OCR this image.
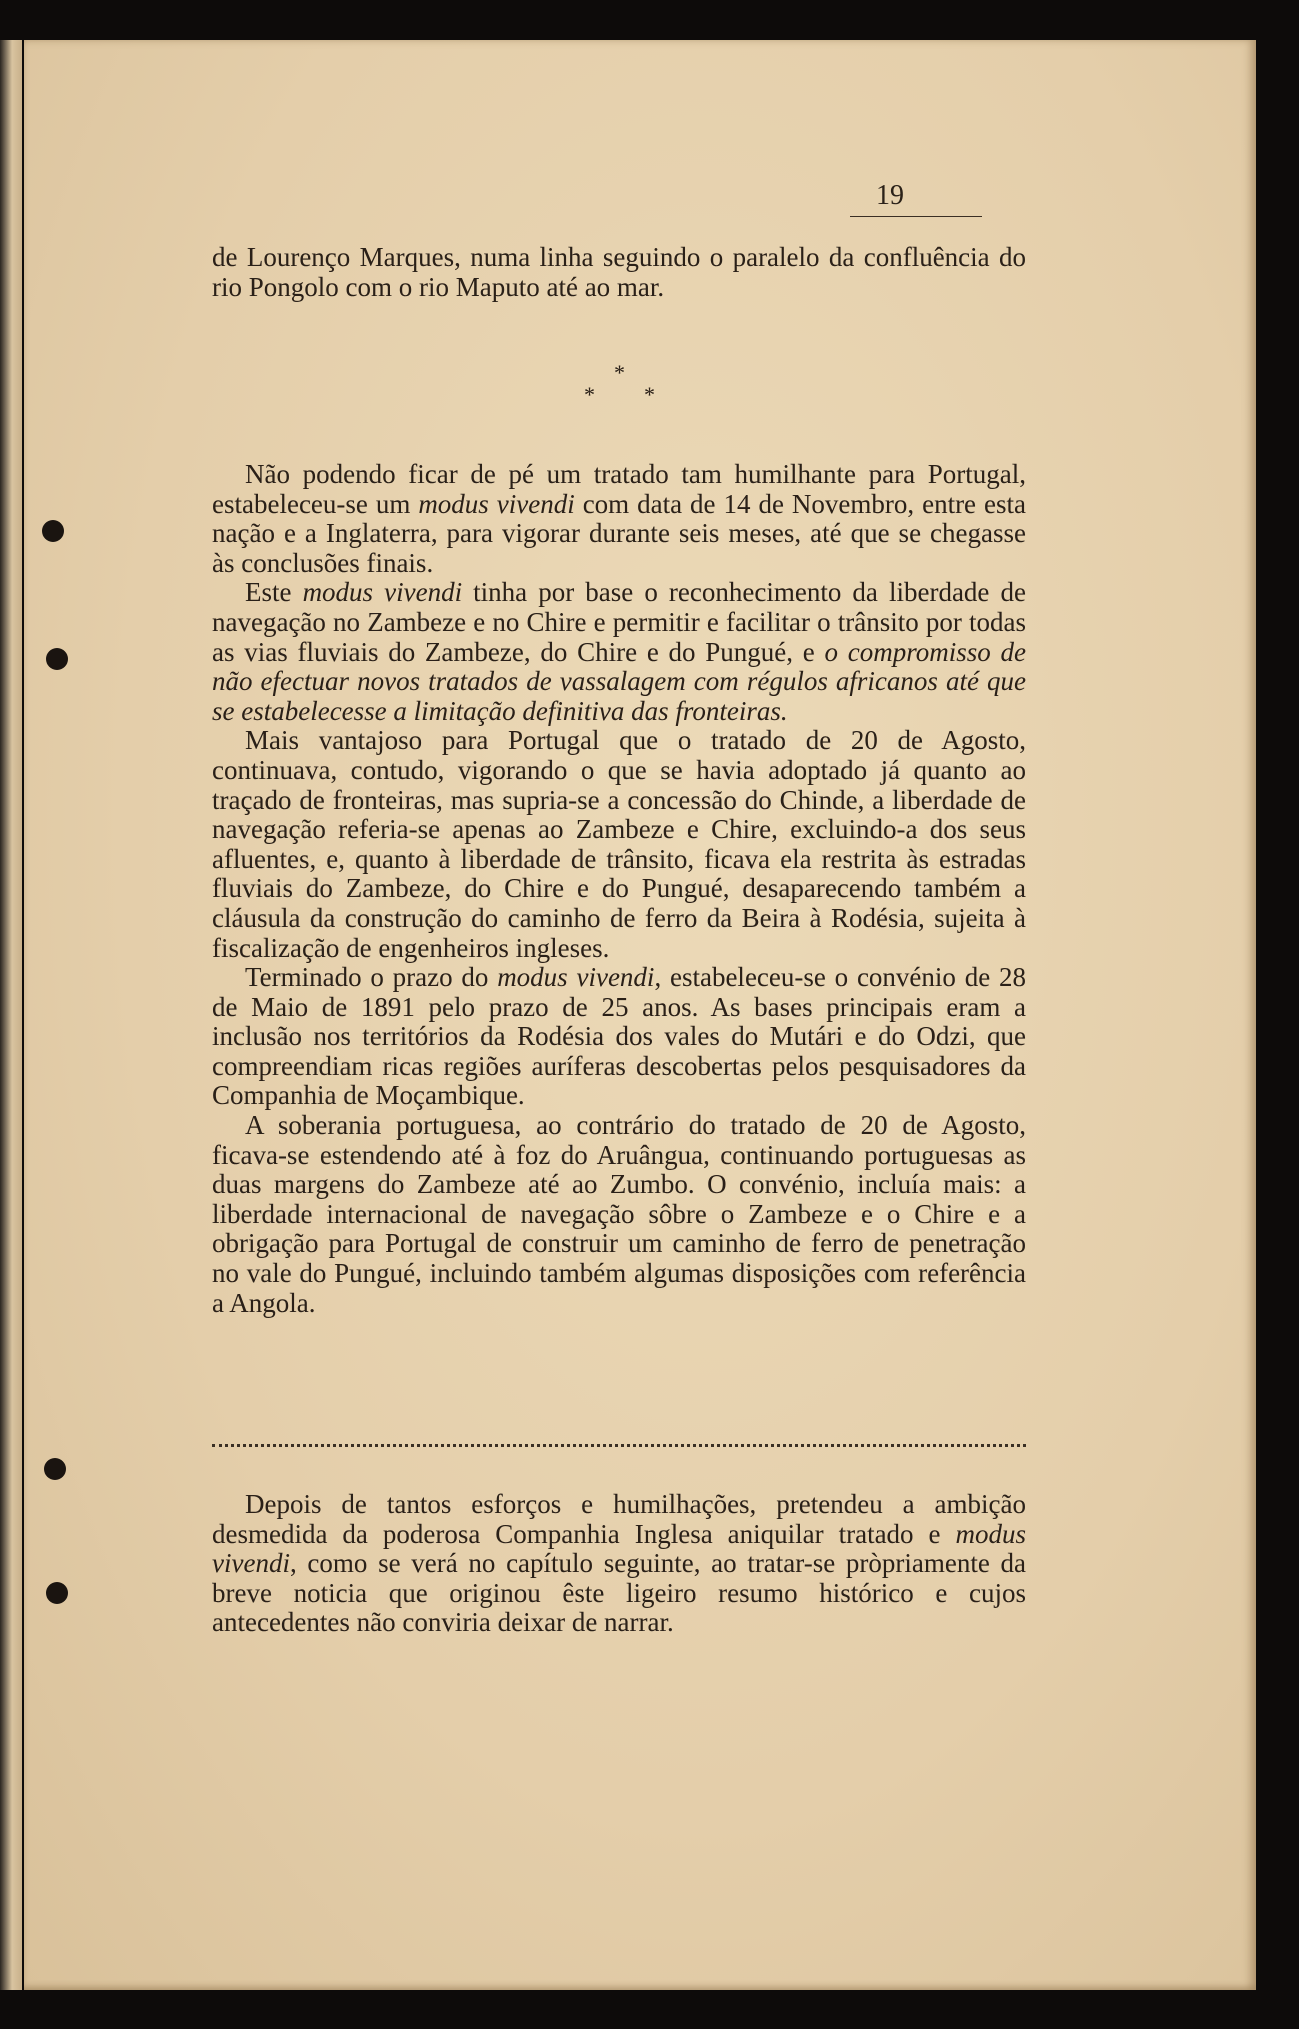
19

de Lourenço Marques, numa linha seguindo o paralelo da confluência do rio Pongolo com o rio Maputo até ao mar.

*
* *

Não podendo ficar de pé um tratado tam humilhante para Portugal, estabeleceu-se um modus vivendi com data de 14 de Novembro, entre esta nação e a Inglaterra, para vigorar durante seis meses, até que se chegasse às conclusões finais.

Este modus vivendi tinha por base o reconhecimento da liberdade de navegação no Zambeze e no Chire e permitir e facilitar o trânsito por todas as vias fluviais do Zambeze, do Chire e do Pungué, e o compromisso de não efectuar novos tratados de vassalagem com régulos africanos até que se estabelecesse a limitação definitiva das fronteiras.

Mais vantajoso para Portugal que o tratado de 20 de Agosto, continuava, contudo, vigorando o que se havia adoptado já quanto ao traçado de fronteiras, mas supria-se a concessão do Chinde, a liberdade de navegação referia-se apenas ao Zambeze e Chire, excluindo-a dos seus afluentes, e, quanto à liberdade de trânsito, ficava ela restrita às estradas fluviais do Zambeze, do Chire e do Pungué, desaparecendo também a cláusula da construção do caminho de ferro da Beira à Rodésia, sujeita à fiscalização de engenheiros ingleses.

Terminado o prazo do modus vivendi, estabeleceu-se o convénio de 28 de Maio de 1891 pelo prazo de 25 anos. As bases principais eram a inclusão nos territórios da Rodésia dos vales do Mutári e do Odzi, que compreendiam ricas regiões auríferas descobertas pelos pesquisadores da Companhia de Moçambique.

A soberania portuguesa, ao contrário do tratado de 20 de Agosto, ficava-se estendendo até à foz do Aruângua, continuando portuguesas as duas margens do Zambeze até ao Zumbo. O convénio, incluía mais: a liberdade internacional de navegação sôbre o Zambeze e o Chire e a obrigação para Portugal de construir um caminho de ferro de penetração no vale do Pungué, incluindo também algumas disposições com referência a Angola.

Depois de tantos esforços e humilhações, pretendeu a ambição desmedida da poderosa Companhia Inglesa aniquilar tratado e modus vivendi, como se verá no capítulo seguinte, ao tratar-se pròpriamente da breve noticia que originou êste ligeiro resumo histórico e cujos antecedentes não conviria deixar de narrar.
